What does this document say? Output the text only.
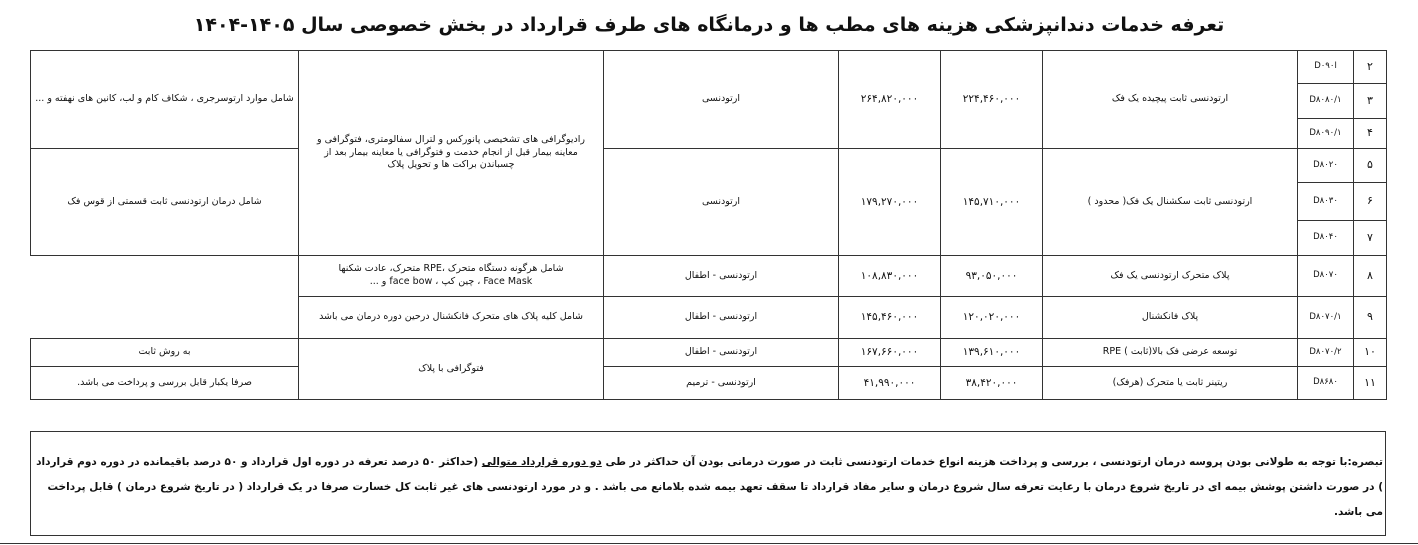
تعرفه خدمات دندانپزشکی هزینه های مطب ها و درمانگاه های طرف قرارداد در بخش خصوصی سال ۱۴۰۵-۱۴۰۴
۲	Dا۰۹۰	ارتودنسی ثابت پیچیده یک فک	۲۲۴,۴۶۰,۰۰۰	۲۶۴,۸۲۰,۰۰۰	ارتودنسی	رادیوگرافی های تشخیصی پانورکس و لترال سفالومتری، فتوگرافی و معاینه بیمار قبل از انجام خدمت و فتوگرافی یا معاینه بیمار بعد از چسباندن براکت ها و تحویل پلاک	شامل موارد ارتوسرجری ، شکاف کام و لب، کانین های نهفته و ...
۳	D۸۰۸۰/۱						
۴	D۸۰۹۰/۱						
۵	D۸۰۲۰	ارتودنسی ثابت سکشنال یک فک( محدود )	۱۴۵,۷۱۰,۰۰۰	۱۷۹,۲۷۰,۰۰۰	ارتودنسی		شامل درمان ارتودنسی ثابت قسمتی از قوس فک
۶	D۸۰۳۰						
۷	D۸۰۴۰						
۸	D۸۰۷۰	پلاک متحرک ارتودنسی یک فک	۹۳,۰۵۰,۰۰۰	۱۰۸,۸۳۰,۰۰۰	ارتودنسی - اطفال	شامل هرگونه دستگاه متحرک ،RPE متحرک، عادت شکنها
Face Mask ، چین کپ ، face bow و ...	

۹	D۸۰۷۰/۱	پلاک فانکشنال	۱۲۰,۰۲۰,۰۰۰	۱۴۵,۴۶۰,۰۰۰	ارتودنسی - اطفال	شامل کلیه پلاک های متحرک فانکشنال درحین دوره درمان می باشد	
۱۰	D۸۰۷۰/۲	توسعه عرضی فک بالا(ثابت ) RPE	۱۳۹,۶۱۰,۰۰۰	۱۶۷,۶۶۰,۰۰۰	ارتودنسی - اطفال	فتوگرافی با پلاک	به روش ثابت
۱۱	D۸۶۸۰	ریتینر ثابت یا متحرک (هرفک)	۳۸,۴۲۰,۰۰۰	۴۱,۹۹۰,۰۰۰	ارتودنسی - ترمیم		صرفا یکبار قابل بررسی و پرداخت می باشد.
تبصره:با توجه به طولانی بودن پروسه درمان ارتودنسی ، بررسی و پرداخت هزینه انواع خدمات ارتودنسی ثابت در صورت درمانی بودن آن حداکثر در طی دو دوره قرارداد متوالی (حداکثر ۵۰ درصد تعرفه در دوره اول قرارداد و ۵۰ درصد باقیمانده در دوره دوم قرارداد ) در صورت داشتن پوشش بیمه ای در تاریخ شروع درمان با رعایت تعرفه سال شروع درمان و سایر مفاد قرارداد تا سقف تعهد بیمه شده بلامانع می باشد . و در مورد ارتودنسی های غیر ثابت کل خسارت صرفا در یک قرارداد ( در تاریخ شروع درمان ) قابل پرداخت می باشد.
